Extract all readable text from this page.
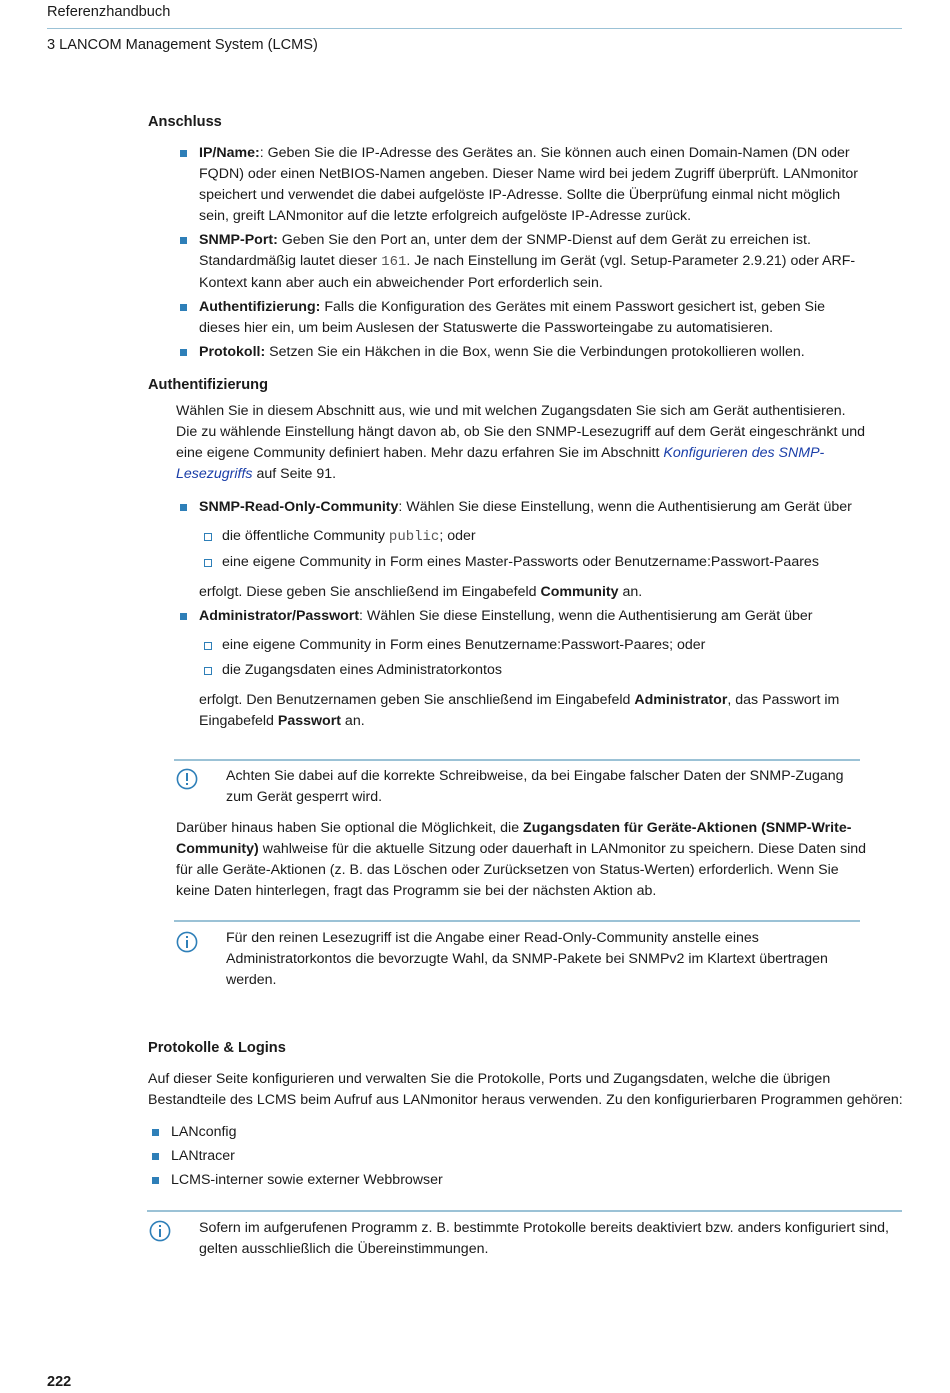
Referenzhandbuch
3 LANCOM Management System (LCMS)
Anschluss
IP/Name:: Geben Sie die IP-Adresse des Gerätes an. Sie können auch einen Domain-Namen (DN oder FQDN) oder einen NetBIOS-Namen angeben. Dieser Name wird bei jedem Zugriff überprüft. LANmonitor speichert und verwendet die dabei aufgelöste IP-Adresse. Sollte die Überprüfung einmal nicht möglich sein, greift LANmonitor auf die letzte erfolgreich aufgelöste IP-Adresse zurück.
SNMP-Port: Geben Sie den Port an, unter dem der SNMP-Dienst auf dem Gerät zu erreichen ist. Standardmäßig lautet dieser 161. Je nach Einstellung im Gerät (vgl. Setup-Parameter 2.9.21) oder ARF-Kontext kann aber auch ein abweichender Port erforderlich sein.
Authentifizierung: Falls die Konfiguration des Gerätes mit einem Passwort gesichert ist, geben Sie dieses hier ein, um beim Auslesen der Statuswerte die Passworteingabe zu automatisieren.
Protokoll: Setzen Sie ein Häkchen in die Box, wenn Sie die Verbindungen protokollieren wollen.
Authentifizierung

Wählen Sie in diesem Abschnitt aus, wie und mit welchen Zugangsdaten Sie sich am Gerät authentisieren. Die zu wählende Einstellung hängt davon ab, ob Sie den SNMP-Lesezugriff auf dem Gerät eingeschränkt und eine eigene Community definiert haben. Mehr dazu erfahren Sie im Abschnitt Konfigurieren des SNMP-Lesezugriffs auf Seite 91.

SNMP-Read-Only-Community: Wählen Sie diese Einstellung, wenn die Authentisierung am Gerät über
die öffentliche Community public; oder
eine eigene Community in Form eines Master-Passworts oder Benutzername:Passwort-Paares
erfolgt. Diese geben Sie anschließend im Eingabefeld Community an.
Administrator/Passwort: Wählen Sie diese Einstellung, wenn die Authentisierung am Gerät über
eine eigene Community in Form eines Benutzername:Passwort-Paares; oder
die Zugangsdaten eines Administratorkontos
erfolgt. Den Benutzernamen geben Sie anschließend im Eingabefeld Administrator, das Passwort im Eingabefeld Passwort an.
Achten Sie dabei auf die korrekte Schreibweise, da bei Eingabe falscher Daten der SNMP-Zugang zum Gerät gesperrt wird.

Darüber hinaus haben Sie optional die Möglichkeit, die Zugangsdaten für Geräte-Aktionen (SNMP-Write-Community) wahlweise für die aktuelle Sitzung oder dauerhaft in LANmonitor zu speichern. Diese Daten sind für alle Geräte-Aktionen (z. B. das Löschen oder Zurücksetzen von Status-Werten) erforderlich. Wenn Sie keine Daten hinterlegen, fragt das Programm sie bei der nächsten Aktion ab.

Für den reinen Lesezugriff ist die Angabe einer Read-Only-Community anstelle eines Administratorkontos die bevorzugte Wahl, da SNMP-Pakete bei SNMPv2 im Klartext übertragen werden.
Protokolle & Logins

Auf dieser Seite konfigurieren und verwalten Sie die Protokolle, Ports und Zugangsdaten, welche die übrigen Bestandteile des LCMS beim Aufruf aus LANmonitor heraus verwenden. Zu den konfigurierbaren Programmen gehören:

LANconfig
LANtracer
LCMS-interner sowie externer Webbrowser
Sofern im aufgerufenen Programm z. B. bestimmte Protokolle bereits deaktiviert bzw. anders konfiguriert sind, gelten ausschließlich die Übereinstimmungen.
222
